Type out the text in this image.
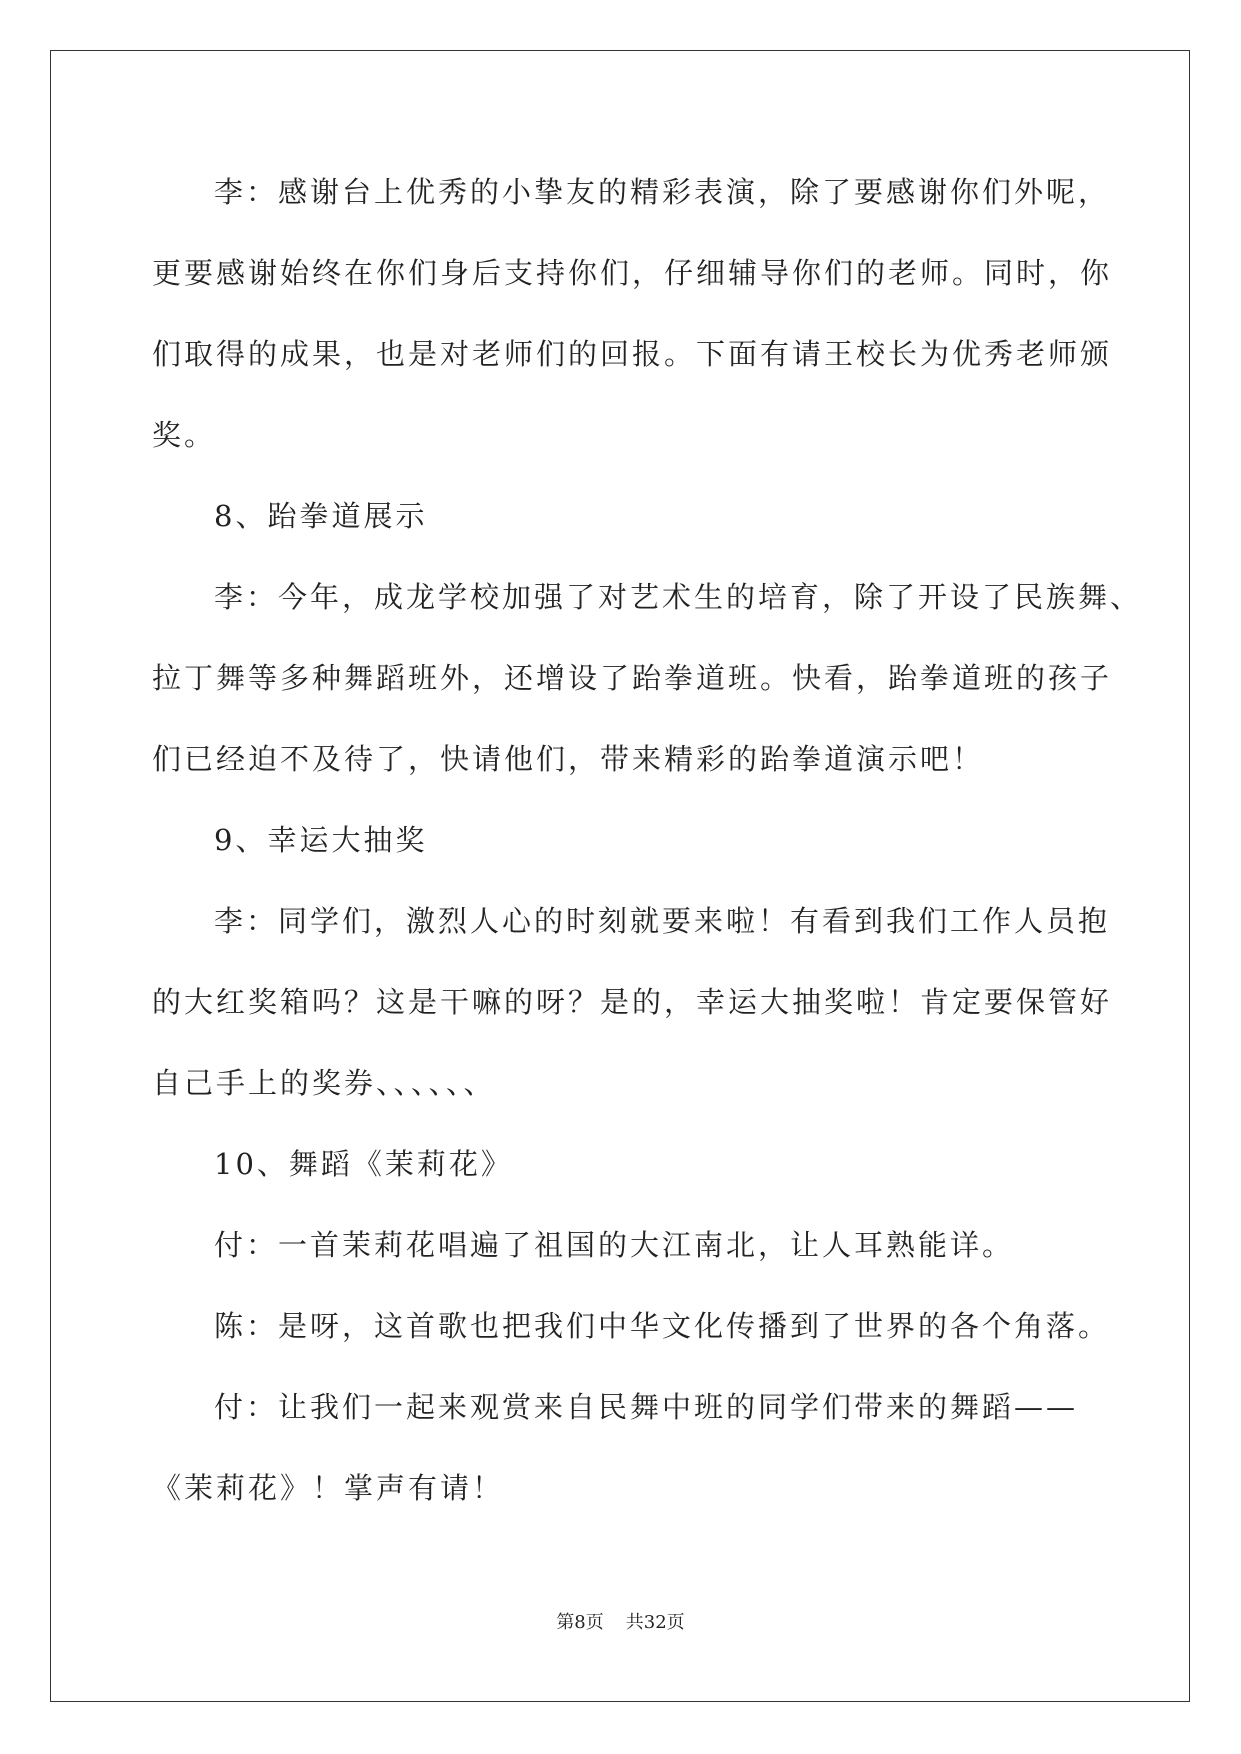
李：感谢台上优秀的小挚友的精彩表演，除了要感谢你们外呢，

更要感谢始终在你们身后支持你们，仔细辅导你们的老师。同时，你

们取得的成果，也是对老师们的回报。下面有请王校长为优秀老师颁

奖。

8、跆拳道展示

李：今年，成龙学校加强了对艺术生的培育，除了开设了民族舞、

拉丁舞等多种舞蹈班外，还增设了跆拳道班。快看，跆拳道班的孩子

们已经迫不及待了，快请他们，带来精彩的跆拳道演示吧！

9、幸运大抽奖

李：同学们，激烈人心的时刻就要来啦！有看到我们工作人员抱

的大红奖箱吗？这是干嘛的呀？是的，幸运大抽奖啦！肯定要保管好

自己手上的奖券、、、、、、

10、舞蹈《茉莉花》

付：一首茉莉花唱遍了祖国的大江南北，让人耳熟能详。

陈：是呀，这首歌也把我们中华文化传播到了世界的各个角落。

付：让我们一起来观赏来自民舞中班的同学们带来的舞蹈——

《茉莉花》！掌声有请！

第8页 共32页
